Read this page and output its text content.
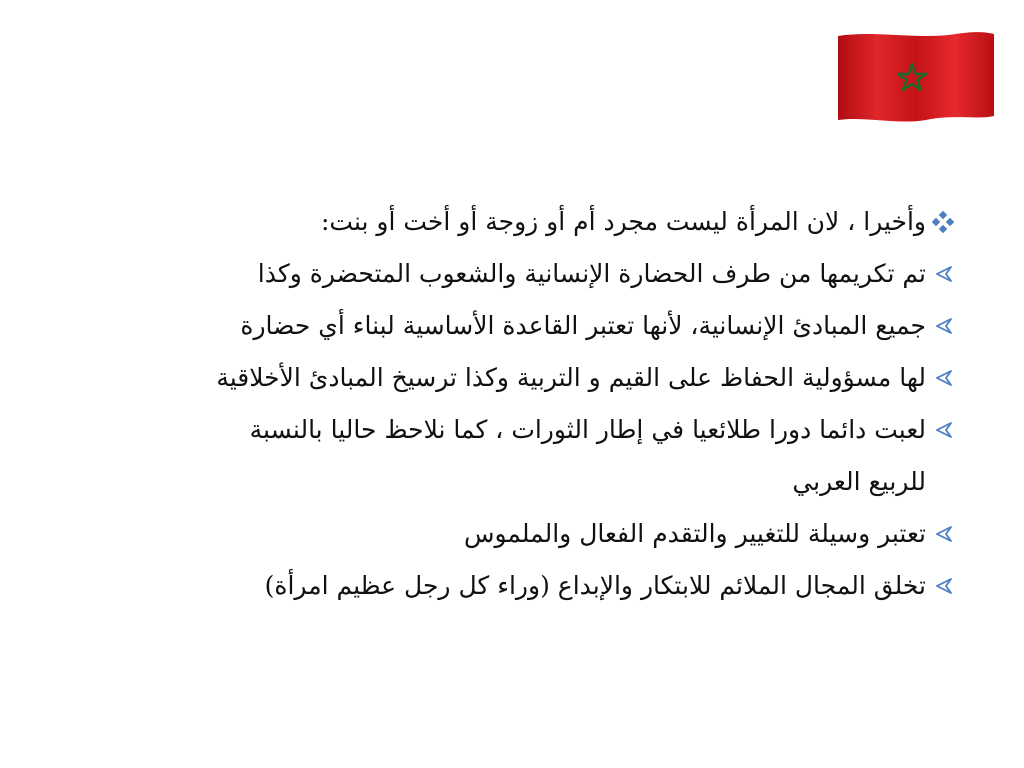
وأخيرا ، لان المرأة ليست مجرد أم أو زوجة أو أخت أو بنت:
تم تكريمها من طرف الحضارة الإنسانية والشعوب المتحضرة وكذا
جميع المبادئ الإنسانية، لأنها تعتبر القاعدة الأساسية لبناء أي حضارة
لها مسؤولية الحفاظ على القيم و التربية وكذا ترسيخ المبادئ الأخلاقية
لعبت دائما دورا طلائعيا في إطار الثورات ، كما نلاحظ حاليا بالنسبة
للربيع العربي
تعتبر وسيلة للتغيير والتقدم الفعال والملموس
تخلق المجال الملائم للابتكار والإبداع (وراء كل رجل عظيم امرأة)
